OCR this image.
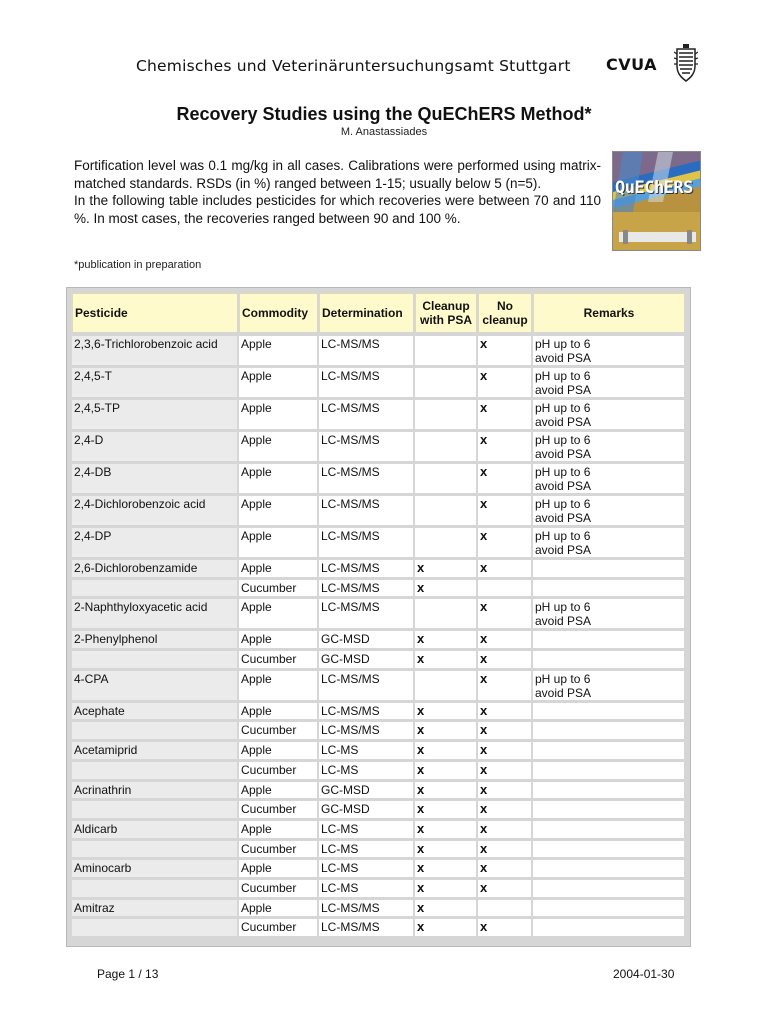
Chemisches und Veterinäruntersuchungsamt Stuttgart CVUA
Recovery Studies using the QuEChERS Method*
M. Anastassiades

Fortification level was 0.1 mg/kg in all cases. Calibrations were performed using matrix-matched standards. RSDs (in %) ranged between 1-15; usually below 5 (n=5).

In the following table includes pesticides for which recoveries were between 70 and 110 %. In most cases, the recoveries ranged between 90 and 100 %.

QuEChERS
*publication in preparation
Pesticide	Commodity	Determination	Cleanup with PSA	No cleanup	Remarks
2,3,6-Trichlorobenzoic acid	Apple	LC-MS/MS		x	pH up to 6
avoid PSA

2,4,5-T	Apple	LC-MS/MS		x	pH up to 6
avoid PSA

2,4,5-TP	Apple	LC-MS/MS		x	pH up to 6
avoid PSA

2,4-D	Apple	LC-MS/MS		x	pH up to 6
avoid PSA

2,4-DB	Apple	LC-MS/MS		x	pH up to 6
avoid PSA

2,4-Dichlorobenzoic acid	Apple	LC-MS/MS		x	pH up to 6
avoid PSA

2,4-DP	Apple	LC-MS/MS		x	pH up to 6
avoid PSA

2,6-Dichlorobenzamide	Apple	LC-MS/MS	x	x	

	Cucumber	LC-MS/MS	x		

2-Naphthyloxyacetic acid	Apple	LC-MS/MS		x	pH up to 6
avoid PSA

2-Phenylphenol	Apple	GC-MSD	x	x	

	Cucumber	GC-MSD	x	x	

4-CPA	Apple	LC-MS/MS		x	pH up to 6
avoid PSA

Acephate	Apple	LC-MS/MS	x	x	

	Cucumber	LC-MS/MS	x	x	

Acetamiprid	Apple	LC-MS	x	x	

	Cucumber	LC-MS	x	x	

Acrinathrin	Apple	GC-MSD	x	x	

	Cucumber	GC-MSD	x	x	

Aldicarb	Apple	LC-MS	x	x	

	Cucumber	LC-MS	x	x	

Aminocarb	Apple	LC-MS	x	x	

	Cucumber	LC-MS	x	x	

Amitraz	Apple	LC-MS/MS	x		

	Cucumber	LC-MS/MS	x	x	
Page 1 / 13	2004-01-30
